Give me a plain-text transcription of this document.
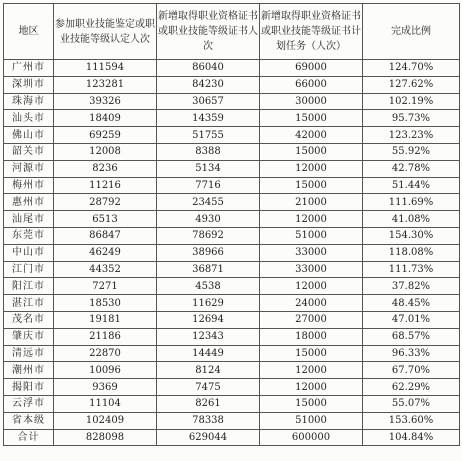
地区	参加职业技能鉴定或职业技能等级认定人次	新增取得职业资格证书或职业技能等级证书人次	新增取得职业资格证书或职业技能等级证书计划任务（人次）	完成比例
广州市	111594	86040	69000	124.70%
深圳市	123281	84230	66000	127.62%
珠海市	39326	30657	30000	102.19%
汕头市	18409	14359	15000	95.73%
佛山市	69259	51755	42000	123.23%
韶关市	12008	8388	15000	55.92%
河源市	8236	5134	12000	42.78%
梅州市	11216	7716	15000	51.44%
惠州市	28792	23455	21000	111.69%
汕尾市	6513	4930	12000	41.08%
东莞市	86847	78692	51000	154.30%
中山市	46249	38966	33000	118.08%
江门市	44352	36871	33000	111.73%
阳江市	7271	4538	12000	37.82%
湛江市	18530	11629	24000	48.45%
茂名市	19181	12694	27000	47.01%
肇庆市	21186	12343	18000	68.57%
清远市	22870	14449	15000	96.33%
潮州市	10096	8124	12000	67.70%
揭阳市	9369	7475	12000	62.29%
云浮市	11104	8261	15000	55.07%
省本级	102409	78338	51000	153.60%
合计	828098	629044	600000	104.84%
